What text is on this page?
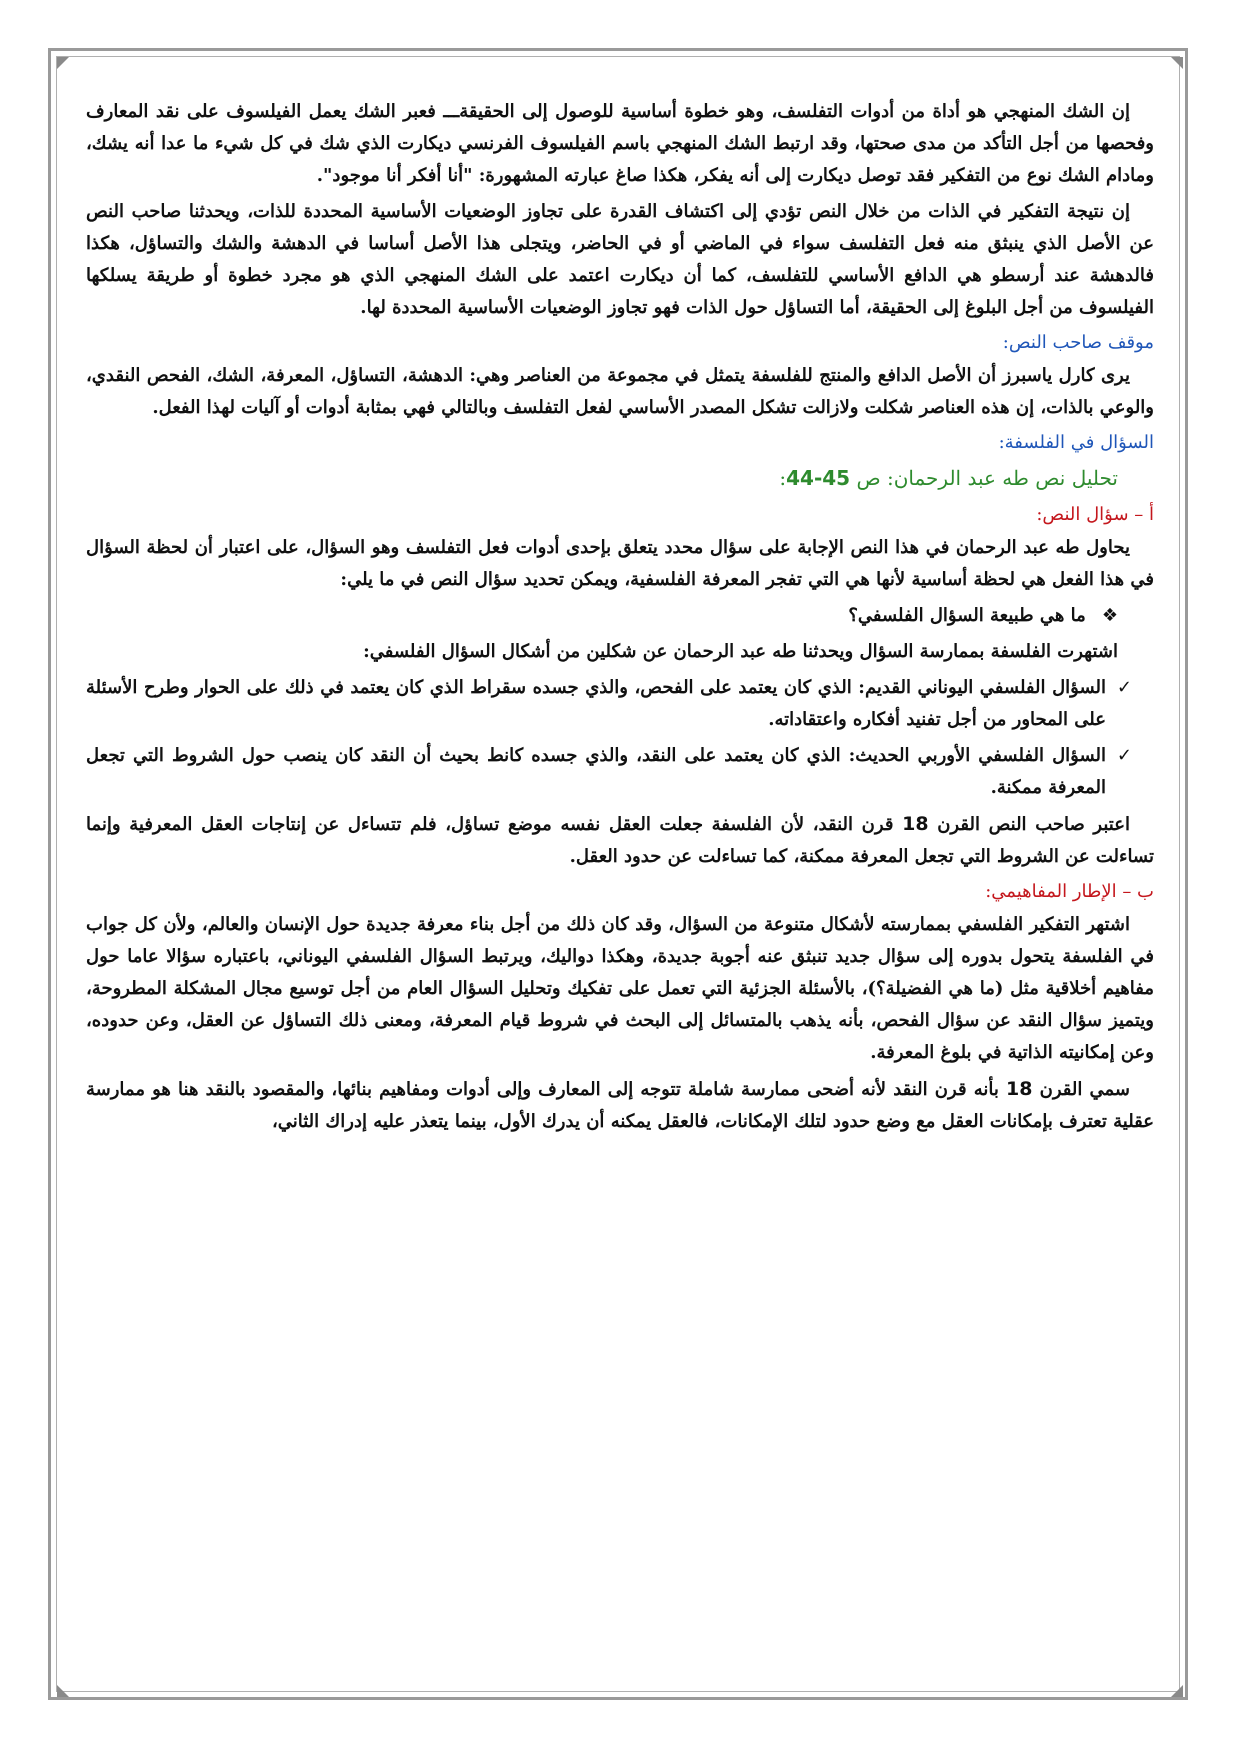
إن الشك المنهجي هو أداة من أدوات التفلسف، وهو خطوة أساسية للوصول إلى الحقيقةـــ فعبر الشك يعمل الفيلسوف على نقد المعارف وفحصها من أجل التأكد من مدى صحتها، وقد ارتبط الشك المنهجي باسم الفيلسوف الفرنسي ديكارت الذي شك في كل شيء ما عدا أنه يشك، ومادام الشك نوع من التفكير فقد توصل ديكارت إلى أنه يفكر، هكذا صاغ عبارته المشهورة: "أنا أفكر أنا موجود".

إن نتيجة التفكير في الذات من خلال النص تؤدي إلى اكتشاف القدرة على تجاوز الوضعيات الأساسية المحددة للذات، ويحدثنا صاحب النص عن الأصل الذي ينبثق منه فعل التفلسف سواء في الماضي أو في الحاضر، ويتجلى هذا الأصل أساسا في الدهشة والشك والتساؤل، هكذا فالدهشة عند أرسطو هي الدافع الأساسي للتفلسف، كما أن ديكارت اعتمد على الشك المنهجي الذي هو مجرد خطوة أو طريقة يسلكها الفيلسوف من أجل البلوغ إلى الحقيقة، أما التساؤل حول الذات فهو تجاوز الوضعيات الأساسية المحددة لها.

موقف صاحب النص:

يرى كارل ياسبرز أن الأصل الدافع والمنتج للفلسفة يتمثل في مجموعة من العناصر وهي: الدهشة، التساؤل، المعرفة، الشك، الفحص النقدي، والوعي بالذات، إن هذه العناصر شكلت ولازالت تشكل المصدر الأساسي لفعل التفلسف وبالتالي فهي بمثابة أدوات أو آليات لهذا الفعل.

السؤال في الفلسفة:
تحليل نص طه عبد الرحمان: ص 44-45:
أ – سؤال النص:

يحاول طه عبد الرحمان في هذا النص الإجابة على سؤال محدد يتعلق بإحدى أدوات فعل التفلسف وهو السؤال، على اعتبار أن لحظة السؤال في هذا الفعل هي لحظة أساسية لأنها هي التي تفجر المعرفة الفلسفية، ويمكن تحديد سؤال النص في ما يلي:

❖ ما هي طبيعة السؤال الفلسفي؟

اشتهرت الفلسفة بممارسة السؤال ويحدثنا طه عبد الرحمان عن شكلين من أشكال السؤال الفلسفي:

✓
السؤال الفلسفي اليوناني القديم: الذي كان يعتمد على الفحص، والذي جسده سقراط الذي كان يعتمد في ذلك على الحوار وطرح الأسئلة على المحاور من أجل تفنيد أفكاره واعتقاداته.
✓
السؤال الفلسفي الأوربي الحديث: الذي كان يعتمد على النقد، والذي جسده كانط بحيث أن النقد كان ينصب حول الشروط التي تجعل المعرفة ممكنة.

اعتبر صاحب النص القرن 18 قرن النقد، لأن الفلسفة جعلت العقل نفسه موضع تساؤل، فلم تتساءل عن إنتاجات العقل المعرفية وإنما تساءلت عن الشروط التي تجعل المعرفة ممكنة، كما تساءلت عن حدود العقل.

ب – الإطار المفاهيمي:

اشتهر التفكير الفلسفي بممارسته لأشكال متنوعة من السؤال، وقد كان ذلك من أجل بناء معرفة جديدة حول الإنسان والعالم، ولأن كل جواب في الفلسفة يتحول بدوره إلى سؤال جديد تنبثق عنه أجوبة جديدة، وهكذا دواليك، ويرتبط السؤال الفلسفي اليوناني، باعتباره سؤالا عاما حول مفاهيم أخلاقية مثل (ما هي الفضيلة؟)، بالأسئلة الجزئية التي تعمل على تفكيك وتحليل السؤال العام من أجل توسيع مجال المشكلة المطروحة، ويتميز سؤال النقد عن سؤال الفحص، بأنه يذهب بالمتسائل إلى البحث في شروط قيام المعرفة، ومعنى ذلك التساؤل عن العقل، وعن حدوده، وعن إمكانيته الذاتية في بلوغ المعرفة.

سمي القرن 18 بأنه قرن النقد لأنه أضحى ممارسة شاملة تتوجه إلى المعارف وإلى أدوات ومفاهيم بنائها، والمقصود بالنقد هنا هو ممارسة عقلية تعترف بإمكانات العقل مع وضع حدود لتلك الإمكانات، فالعقل يمكنه أن يدرك الأول، بينما يتعذر عليه إدراك الثاني،
